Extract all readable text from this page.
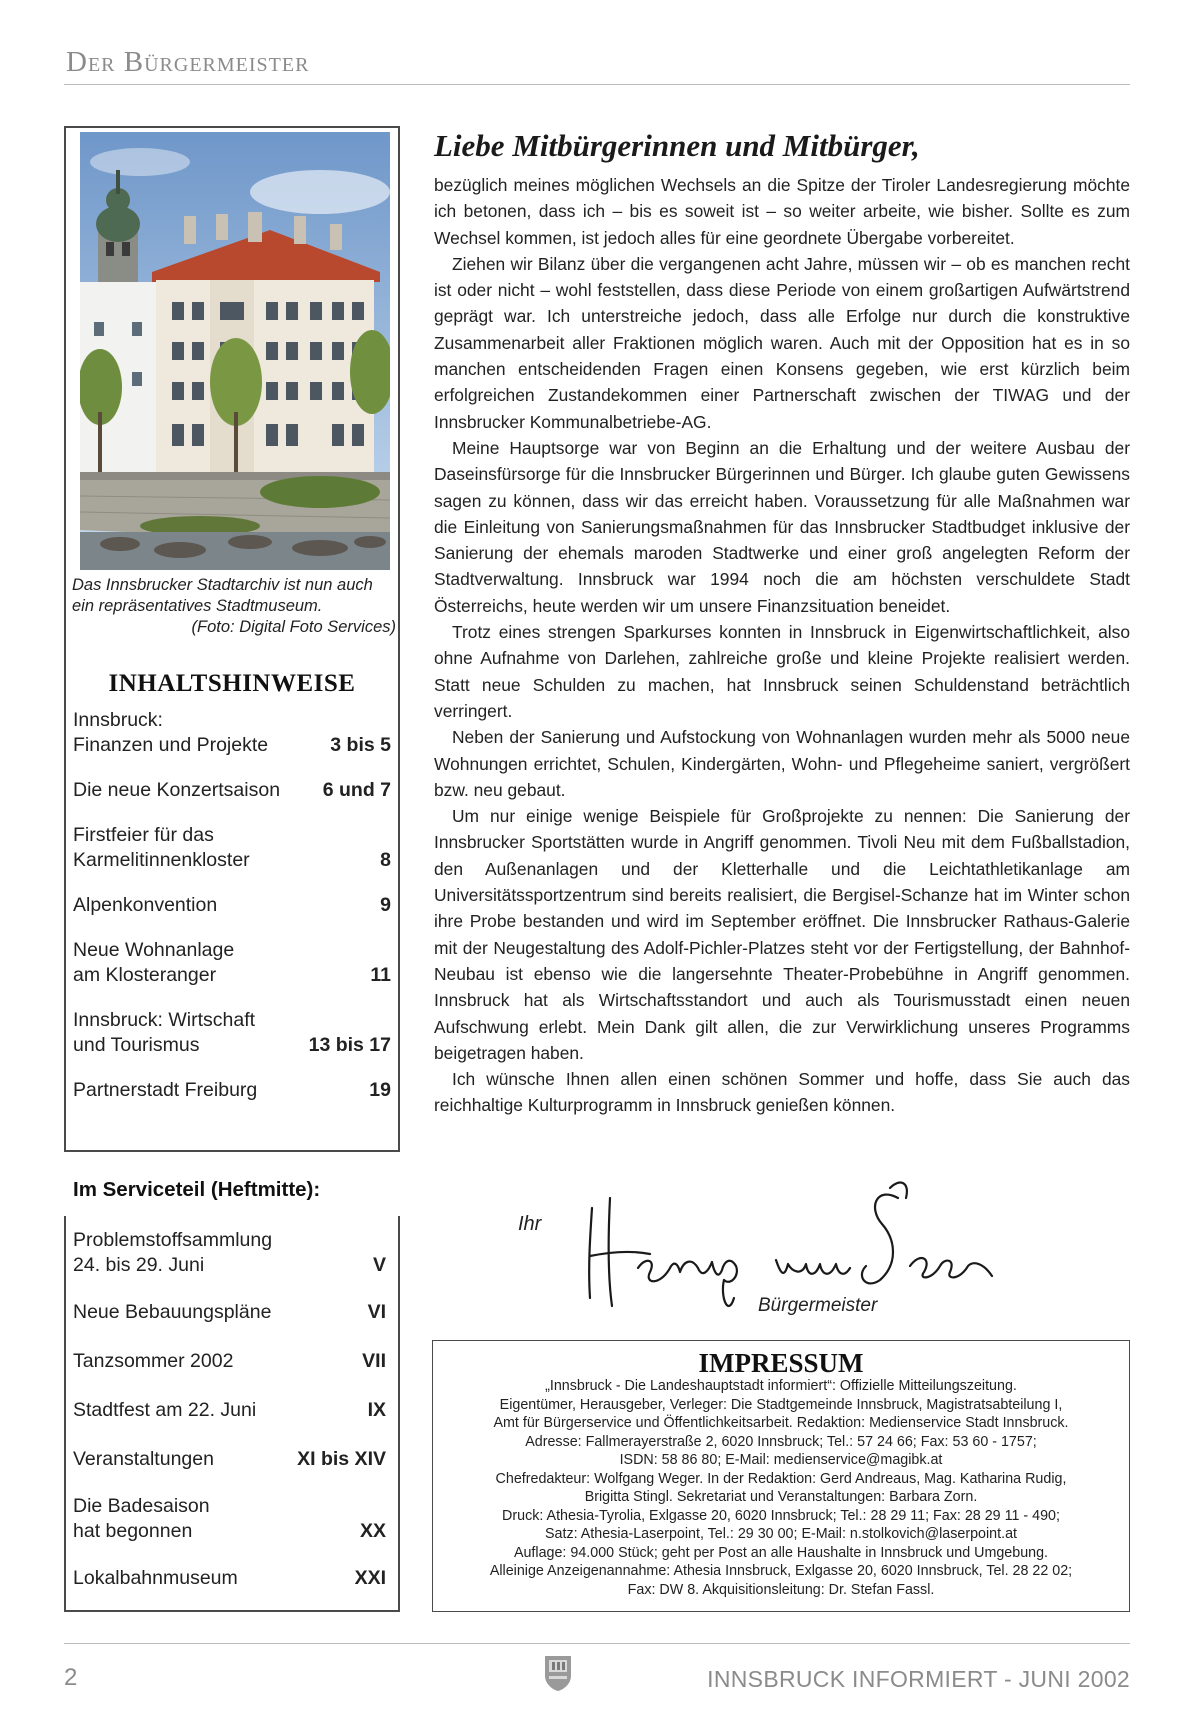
Der Bürgermeister
Das Innsbrucker Stadtarchiv ist nun auch
ein repräsentatives Stadtmuseum.
(Foto: Digital Foto Services)
INHALTSHINWEISE
Innsbruck:
Finanzen und Projekte	3 bis 5
Die neue Konzertsaison	6 und 7
Firstfeier für das
Karmelitinnenkloster	8
Alpenkonvention	9
Neue Wohnanlage
am Klosteranger	11
Innsbruck: Wirtschaft
und Tourismus	13 bis 17
Partnerstadt Freiburg	19
Im Serviceteil (Heftmitte):
Problemstoffsammlung
24. bis 29. Juni	V
Neue Bebauungspläne	VI
Tanzsommer 2002	VII
Stadtfest am 22. Juni	IX
Veranstaltungen	XI bis XIV
Die Badesaison
hat begonnen	XX
Lokalbahnmuseum	XXI
Liebe Mitbürgerinnen und Mitbürger,

bezüglich meines möglichen Wechsels an die Spitze der Tiroler Landesregierung möchte ich betonen, dass ich – bis es soweit ist – so weiter arbeite, wie bisher. Sollte es zum Wechsel kommen, ist jedoch alles für eine geordnete Übergabe vorbereitet.

Ziehen wir Bilanz über die vergangenen acht Jahre, müssen wir – ob es manchen recht ist oder nicht – wohl feststellen, dass diese Periode von einem großartigen Aufwärtstrend geprägt war. Ich unterstreiche jedoch, dass alle Erfolge nur durch die konstruktive Zusammenarbeit aller Fraktionen möglich waren. Auch mit der Opposition hat es in so manchen entscheidenden Fragen einen Konsens gegeben, wie erst kürzlich beim erfolgreichen Zustandekommen einer Partnerschaft zwischen der TIWAG und der Innsbrucker Kommunalbetriebe-AG.

Meine Hauptsorge war von Beginn an die Erhaltung und der weitere Ausbau der Daseinsfürsorge für die Innsbrucker Bürgerinnen und Bürger. Ich glaube guten Gewissens sagen zu können, dass wir das erreicht haben. Voraussetzung für alle Maßnahmen war die Einleitung von Sanierungsmaßnahmen für das Innsbrucker Stadtbudget inklusive der Sanierung der ehemals maroden Stadtwerke und einer groß angelegten Reform der Stadtverwaltung. Innsbruck war 1994 noch die am höchsten verschuldete Stadt Österreichs, heute werden wir um unsere Finanzsituation beneidet.

Trotz eines strengen Sparkurses konnten in Innsbruck in Eigenwirtschaftlichkeit, also ohne Aufnahme von Darlehen, zahlreiche große und kleine Projekte realisiert werden. Statt neue Schulden zu machen, hat Innsbruck seinen Schuldenstand beträchtlich verringert.

Neben der Sanierung und Aufstockung von Wohnanlagen wurden mehr als 5000 neue Wohnungen errichtet, Schulen, Kindergärten, Wohn- und Pflegeheime saniert, vergrößert bzw. neu gebaut.

Um nur einige wenige Beispiele für Großprojekte zu nennen: Die Sanierung der Innsbrucker Sportstätten wurde in Angriff genommen. Tivoli Neu mit dem Fußballstadion, den Außenanlagen und der Kletterhalle und die Leichtathletikanlage am Universitätssportzentrum sind bereits realisiert, die Bergisel-Schanze hat im Winter schon ihre Probe bestanden und wird im September eröffnet. Die Innsbrucker Rathaus-Galerie mit der Neugestaltung des Adolf-Pichler-Platzes steht vor der Fertigstellung, der Bahnhof-Neubau ist ebenso wie die langersehnte Theater-Probebühne in Angriff genommen. Innsbruck hat als Wirtschaftsstandort und auch als Tourismusstadt einen neuen Aufschwung erlebt. Mein Dank gilt allen, die zur Verwirklichung unseres Programms beigetragen haben.

Ich wünsche Ihnen allen einen schönen Sommer und hoffe, dass Sie auch das reichhaltige Kulturprogramm in Innsbruck genießen können.

Ihr
Bürgermeister
IMPRESSUM
„Innsbruck - Die Landeshauptstadt informiert“: Offizielle Mitteilungszeitung.
Eigentümer, Herausgeber, Verleger: Die Stadtgemeinde Innsbruck, Magistratsabteilung I,
Amt für Bürgerservice und Öffentlichkeitsarbeit. Redaktion: Medienservice Stadt Innsbruck.
Adresse: Fallmerayerstraße 2, 6020 Innsbruck; Tel.: 57 24 66; Fax: 53 60 - 1757;
ISDN: 58 86 80; E-Mail: medienservice@magibk.at
Chefredakteur: Wolfgang Weger. In der Redaktion: Gerd Andreaus, Mag. Katharina Rudig,
Brigitta Stingl. Sekretariat und Veranstaltungen: Barbara Zorn.
Druck: Athesia-Tyrolia, Exlgasse 20, 6020 Innsbruck; Tel.: 28 29 11; Fax: 28 29 11 - 490;
Satz: Athesia-Laserpoint, Tel.: 29 30 00; E-Mail: n.stolkovich@laserpoint.at
Auflage: 94.000 Stück; geht per Post an alle Haushalte in Innsbruck und Umgebung.
Alleinige Anzeigenannahme: Athesia Innsbruck, Exlgasse 20, 6020 Innsbruck, Tel. 28 22 02;
Fax: DW 8. Akquisitionsleitung: Dr. Stefan Fassl.
2	INNSBRUCK INFORMIERT - JUNI 2002
